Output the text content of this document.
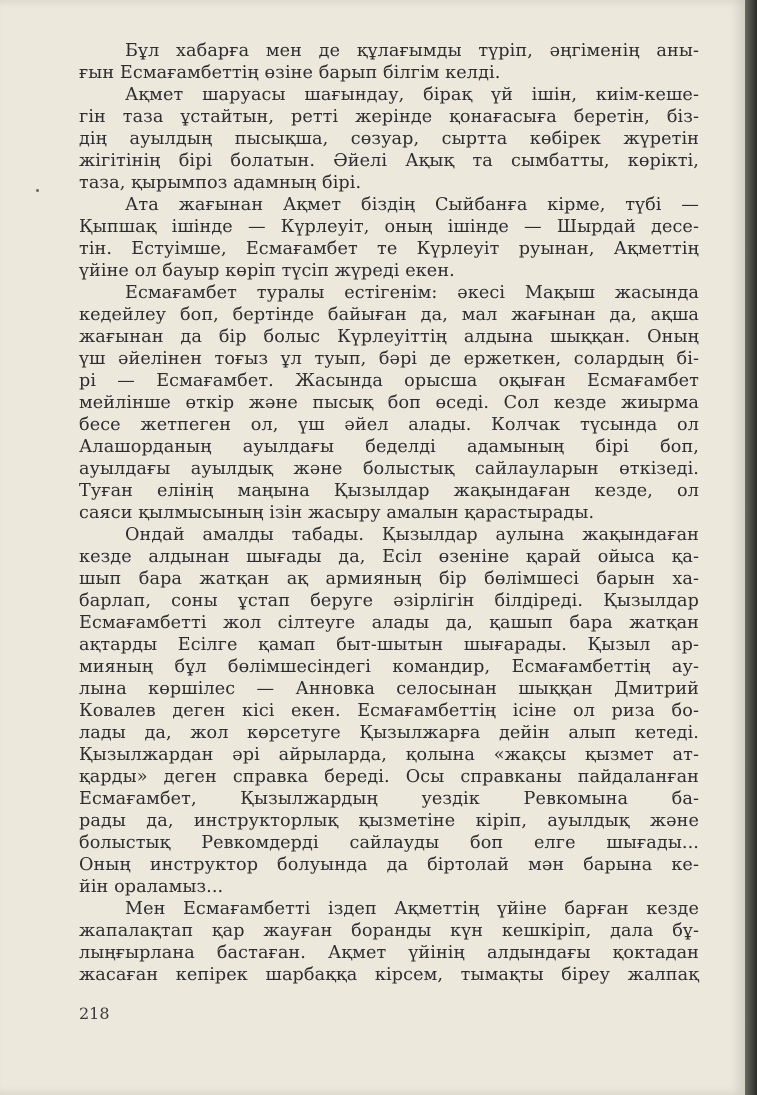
Бұл хабарға мен де құлағымды түріп, әңгіменің аны-
ғын Есмағамбеттің өзіне барып білгім келді.

Ақмет шаруасы шағындау, бірақ үй ішін, киім-кеше-
гін таза ұстайтын, ретті жерінде қонағасыға беретін, біз-
дің ауылдың пысықша, сөзуар, сыртта көбірек жүретін
жігітінің бірі болатын. Әйелі Ақық та сымбатты, көрікті,
таза, қырымпоз адамның бірі.

Ата жағынан Ақмет біздің Сыйбанға кірме, түбі —
Қыпшақ ішінде — Күрлеуіт, оның ішінде — Шырдай десе-
тін. Естуімше, Есмағамбет те Күрлеуіт руынан, Ақметтің
үйіне ол бауыр көріп түсіп жүреді екен.

Есмағамбет туралы естігенім: әкесі Мақыш жасында
кедейлеу боп, бертінде байыған да, мал жағынан да, ақша
жағынан да бір болыс Күрлеуіттің алдына шыққан. Оның
үш әйелінен тоғыз ұл туып, бәрі де ержеткен, солардың бі-
рі — Есмағамбет. Жасында орысша оқыған Есмағамбет
мейлінше өткір және пысық боп өседі. Сол кезде жиырма
бесе жетпеген ол, үш әйел алады. Колчак түсында ол
Алашорданың ауылдағы беделді адамының бірі боп,
ауылдағы ауылдық және болыстық сайлауларын өткізеді.
Туған елінің маңына Қызылдар жақындаған кезде, ол
саяси қылмысының ізін жасыру амалын қарастырады.

Ондай амалды табады. Қызылдар аулына жақындаған
кезде алдынан шығады да, Есіл өзеніне қарай ойыса қа-
шып бара жатқан ақ армияның бір бөлімшесі барын ха-
барлап, соны ұстап беруге әзірлігін білдіреді. Қызылдар
Есмағамбетті жол сілтеуге алады да, қашып бара жатқан
ақтарды Есілге қамап быт-шытын шығарады. Қызыл ар-
мияның бұл бөлімшесіндегі командир, Есмағамбеттің ау-
лына көршілес — Анновка селосынан шыққан Дмитрий
Ковалев деген кісі екен. Есмағамбеттің ісіне ол риза бо-
лады да, жол көрсетуге Қызылжарға дейін алып кетеді.
Қызылжардан әрі айрыларда, қолына «жақсы қызмет ат-
қарды» деген справка береді. Осы справканы пайдаланған
Есмағамбет, Қызылжардың уездік Ревкомына ба-
рады да, инструкторлық қызметіне кіріп, ауылдық және
болыстық Ревкомдерді сайлауды боп елге шығады...
Оның инструктор болуында да біртолай мән барына ке-
йін ораламыз...

Мен Есмағамбетті іздеп Ақметтің үйіне барған кезде
жапалақтап қар жауған боранды күн кешкіріп, дала бұ-
лыңғырлана бастаған. Ақмет үйінің алдындағы қоктадан
жасаған кепірек шарбаққа кірсем, тымақты біреу жалпақ

218
